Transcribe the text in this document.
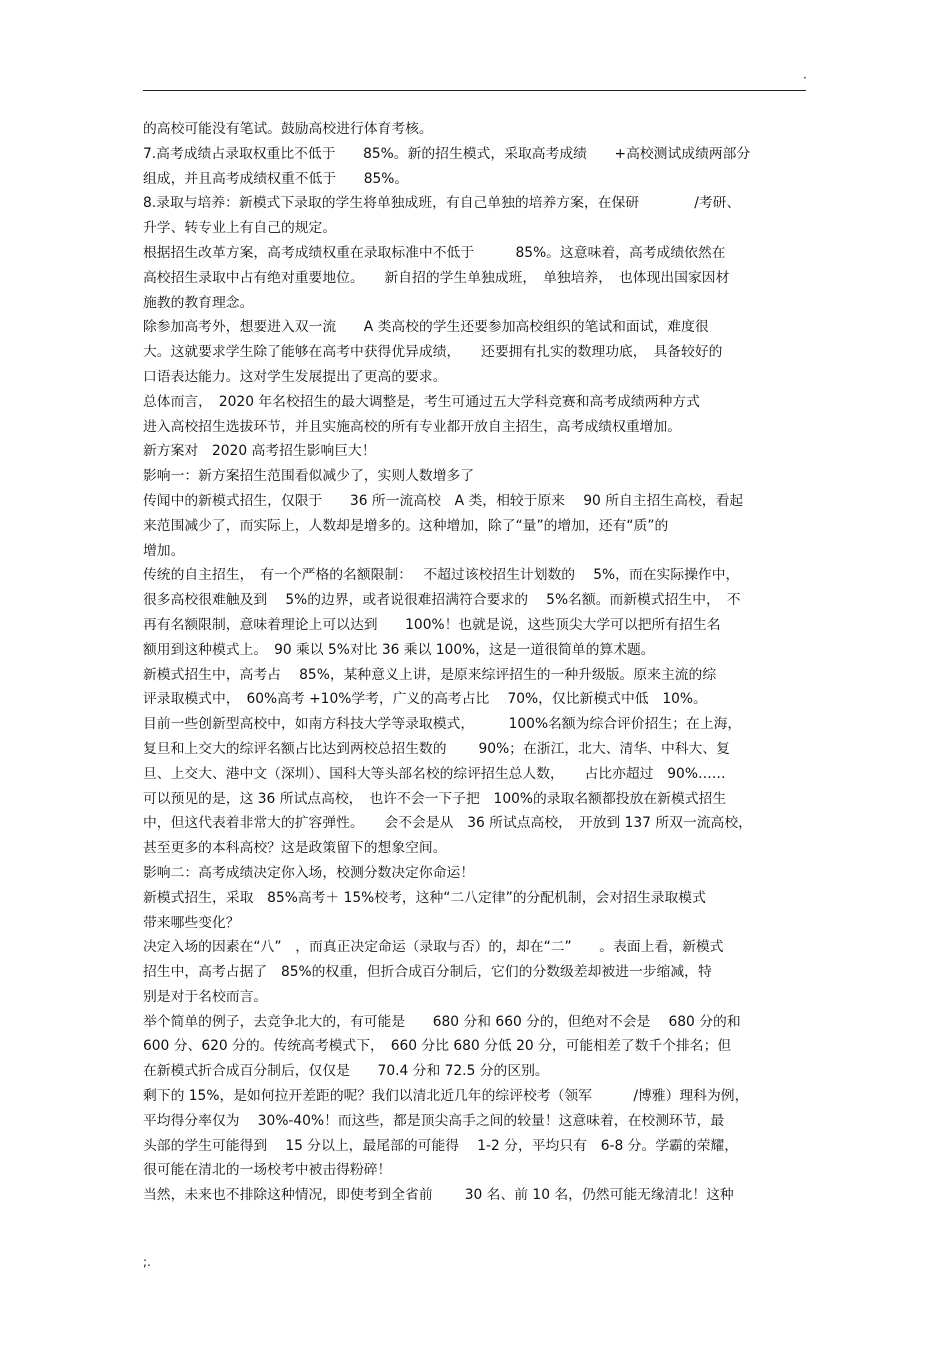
·
的高校可能没有笔试。鼓励高校进行体育考核。
7.高考成绩占录取权重比不低于　　85%。新的招生模式，采取高考成绩　　+高校测试成绩两部分
组成，并且高考成绩权重不低于　　85%。
8.录取与培养：新模式下录取的学生将单独成班，有自己单独的培养方案，在保研　　　　/考研、
升学、转专业上有自己的规定。
根据招生改革方案，高考成绩权重在录取标准中不低于　　　85%。这意味着，高考成绩依然在
高校招生录取中占有绝对重要地位。　　新自招的学生单独成班，　单独培养，　也体现出国家因材
施教的教育理念。
除参加高考外，想要进入双一流　　A 类高校的学生还要参加高校组织的笔试和面试，难度很
大。这就要求学生除了能够在高考中获得优异成绩，　　还要拥有扎实的数理功底，　具备较好的
口语表达能力。这对学生发展提出了更高的要求。
总体而言，　2020 年名校招生的最大调整是，考生可通过五大学科竞赛和高考成绩两种方式
进入高校招生选拔环节，并且实施高校的所有专业都开放自主招生，高考成绩权重增加。
新方案对　2020 高考招生影响巨大！
影响一：新方案招生范围看似减少了，实则人数增多了
传闻中的新模式招生，仅限于　　36 所一流高校　A 类，相较于原来　 90 所自主招生高校，看起
来范围减少了，而实际上，人数却是增多的。这种增加，除了“量”的增加，还有“质”的
增加。
传统的自主招生，　有一个严格的名额限制：　 不超过该校招生计划数的　 5%，而在实际操作中，
很多高校很难触及到　 5%的边界，或者说很难招满符合要求的　 5%名额。而新模式招生中，　不
再有名额限制，意味着理论上可以达到　　100%！也就是说，这些顶尖大学可以把所有招生名
额用到这种模式上。　90 乘以 5%对比 36 乘以 100%，这是一道很简单的算术题。
新模式招生中，高考占　 85%，某种意义上讲，是原来综评招生的一种升级版。原来主流的综
评录取模式中，　60%高考 +10%学考，广义的高考占比　 70%，仅比新模式中低　10%。
目前一些创新型高校中，如南方科技大学等录取模式，　　　100%名额为综合评价招生；在上海，
复旦和上交大的综评名额占比达到两校总招生数的　　 90%；在浙江，北大、清华、中科大、复
旦、上交大、港中文（深圳）、国科大等头部名校的综评招生总人数，　　占比亦超过　90%……
可以预见的是，这 36 所试点高校，　也许不会一下子把　100%的录取名额都投放在新模式招生
中，但这代表着非常大的扩容弹性。　　会不会是从　36 所试点高校，　开放到 137 所双一流高校，
甚至更多的本科高校？这是政策留下的想象空间。
影响二：高考成绩决定你入场，校测分数决定你命运！
新模式招生，采取　85%高考＋ 15%校考，这种“二八定律”的分配机制，会对招生录取模式
带来哪些变化？
决定入场的因素在“八”　，而真正决定命运（录取与否）的，却在“二”　　。表面上看，新模式
招生中，高考占据了　85%的权重，但折合成百分制后，它们的分数级差却被进一步缩减，特
别是对于名校而言。
举个简单的例子，去竞争北大的，有可能是　　680 分和 660 分的，但绝对不会是　 680 分的和
600 分、620 分的。传统高考模式下，　660 分比 680 分低 20 分，可能相差了数千个排名；但
在新模式折合成百分制后，仅仅是　　70.4 分和 72.5 分的区别。
剩下的 15%，是如何拉开差距的呢？我们以清北近几年的综评校考（领军　　　/博雅）理科为例，
平均得分率仅为　 30%-40%！而这些，都是顶尖高手之间的较量！这意味着，在校测环节，最
头部的学生可能得到　 15 分以上，最尾部的可能得　 1-2 分，平均只有　6-8 分。学霸的荣耀，
很可能在清北的一场校考中被击得粉碎！
当然，未来也不排除这种情况，即使考到全省前　　 30 名、前 10 名，仍然可能无缘清北！这种
;.
